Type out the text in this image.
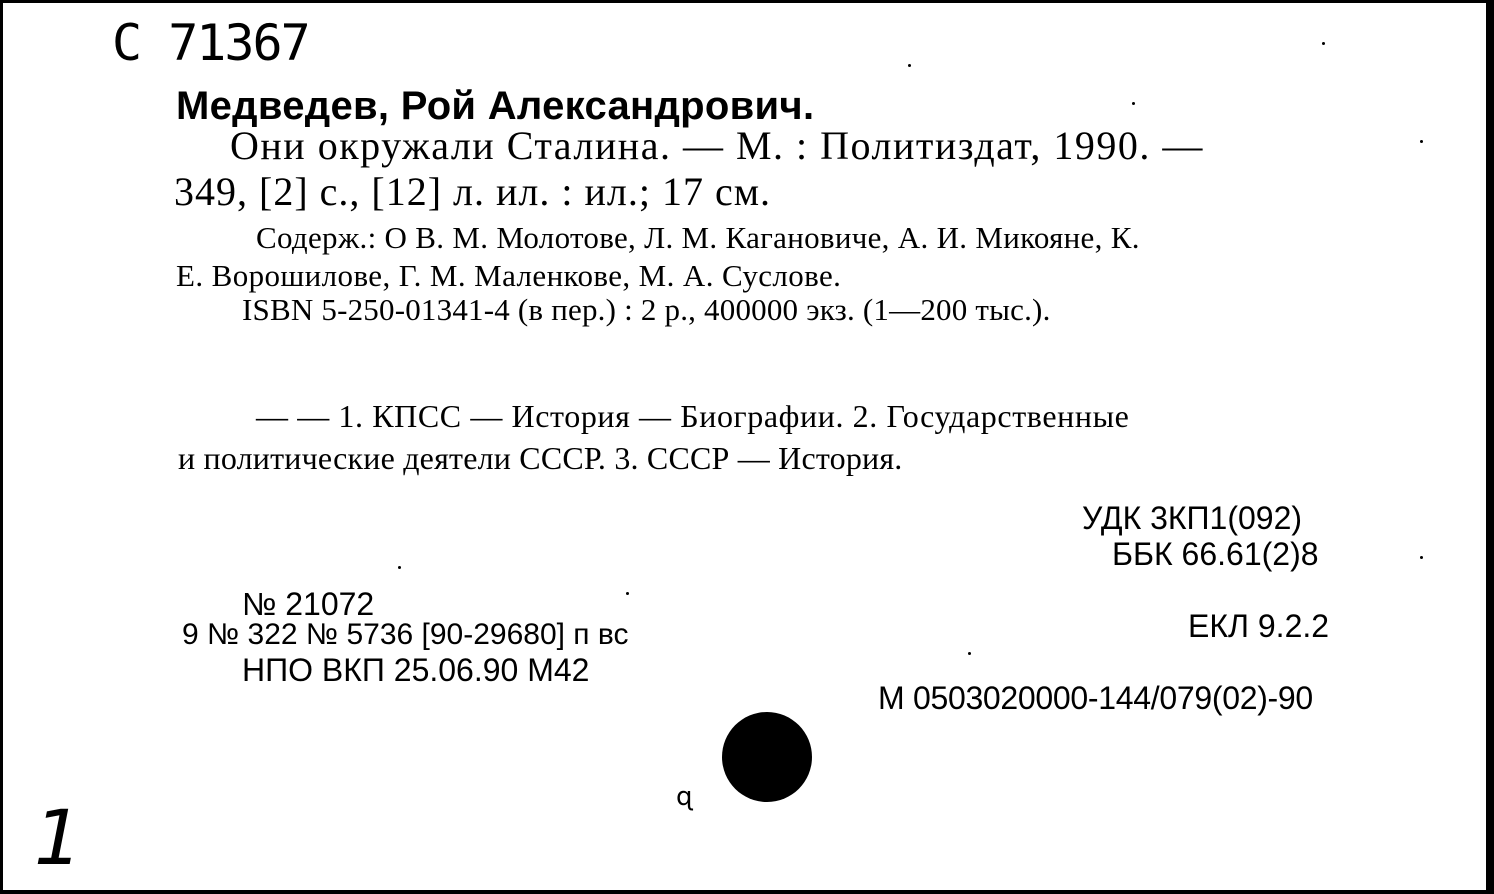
С 71367
Медведев, Рой Александрович.
Они окружали Сталина. — М. : Политиздат, 1990. —
349, [2] с., [12] л. ил. : ил.; 17 см.
Содерж.: О В. М. Молотове, Л. М. Кагановиче, А. И. Микояне, К.
Е. Ворошилове, Г. М. Маленкове, М. А. Суслове.
ISBN 5-250-01341-4 (в пер.) : 2 р., 400000 экз. (1—200 тыс.).
— — 1. КПСС — История — Биографии. 2. Государственные
и политические деятели СССР. 3. СССР — История.
УДК 3КП1(092)
ББК 66.61(2)8
№ 21072
9 № 322 № 5736 [90-29680] п вс
НПО ВКП 25.06.90 М42
ЕКЛ 9.2.2
М 0503020000-144/079(02)-90
ɋ
1
